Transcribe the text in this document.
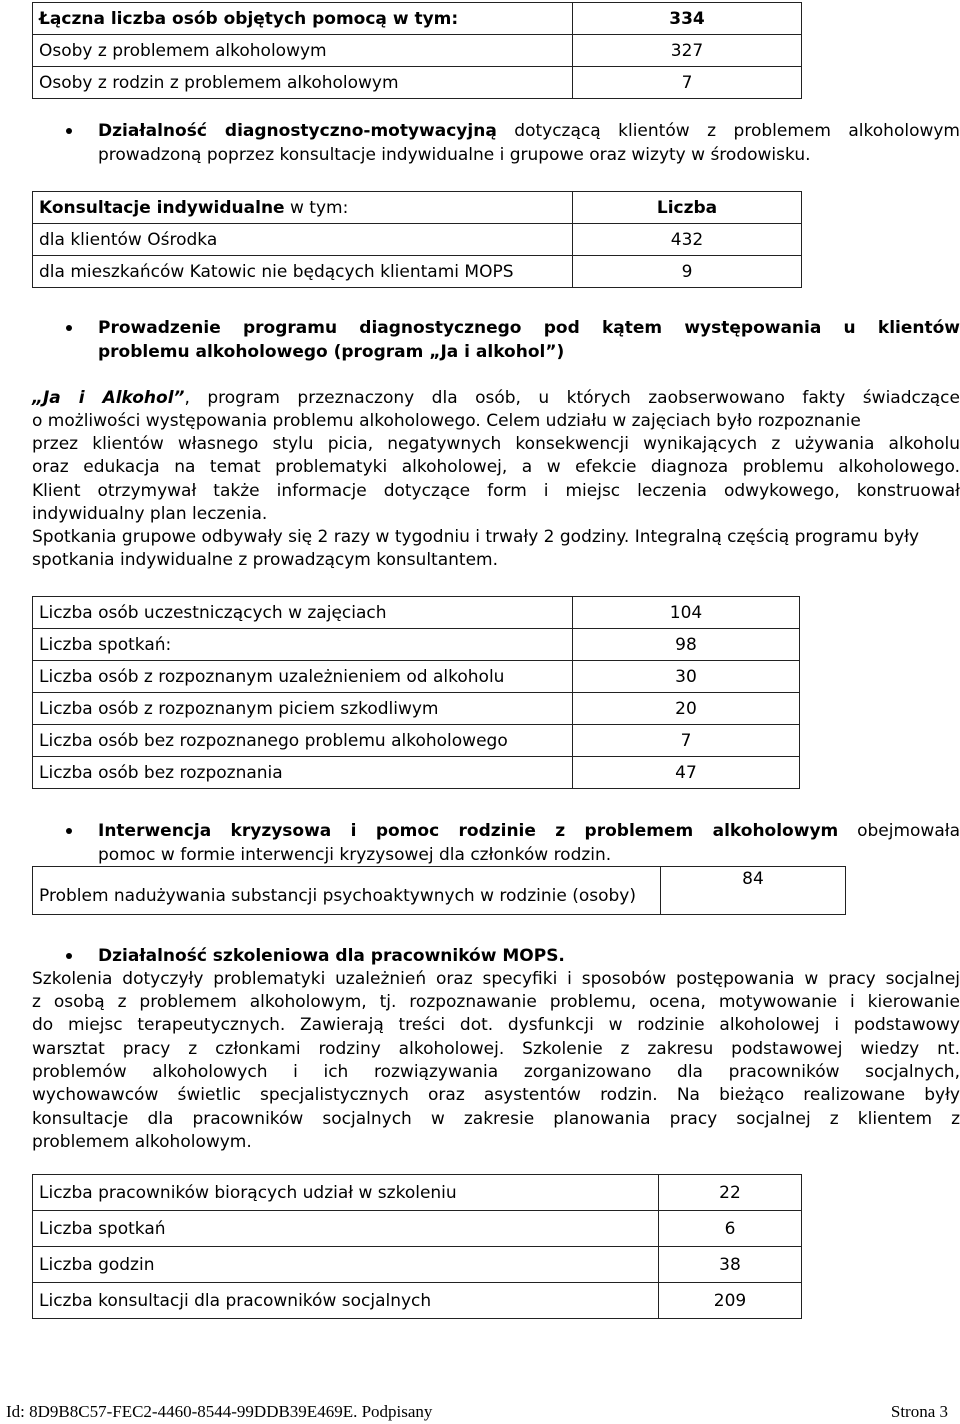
Łączna liczba osób objętych pomocą w tym:	334
Osoby z problemem alkoholowym	327
Osoby z rodzin z problemem alkoholowym	7
Działalność diagnostyczno-motywacyjną dotyczącą klientów z problemem alkoholowym
prowadzoną poprzez konsultacje indywidualne i grupowe oraz wizyty w środowisku.
Konsultacje indywidualne w tym:	Liczba
dla klientów Ośrodka	432
dla mieszkańców Katowic nie będących klientami MOPS	9
Prowadzenie programu diagnostycznego pod kątem występowania u klientów
problemu alkoholowego (program „Ja i alkohol”)
„Ja i Alkohol”, program przeznaczony dla osób, u których zaobserwowano fakty świadczące
o możliwości występowania problemu alkoholowego. Celem udziału w zajęciach było rozpoznanie
przez klientów własnego stylu picia, negatywnych konsekwencji wynikających z używania alkoholu
oraz edukacja na temat problematyki alkoholowej, a w efekcie diagnoza problemu alkoholowego.
Klient otrzymywał także informacje dotyczące form i miejsc leczenia odwykowego, konstruował
indywidualny plan leczenia.
Spotkania grupowe odbywały się 2 razy w tygodniu i trwały 2 godziny. Integralną częścią programu były
spotkania indywidualne z prowadzącym konsultantem.
Liczba osób uczestniczących w zajęciach	104
Liczba spotkań:	98
Liczba osób z rozpoznanym uzależnieniem od alkoholu	30
Liczba osób z rozpoznanym piciem szkodliwym	20
Liczba osób bez rozpoznanego problemu alkoholowego	7
Liczba osób bez rozpoznania	47
Interwencja kryzysowa i pomoc rodzinie z problemem alkoholowym obejmowała
pomoc w formie interwencji kryzysowej dla członków rodzin.
Problem nadużywania substancji psychoaktywnych w rodzinie (osoby)	84
Działalność szkoleniowa dla pracowników MOPS.
Szkolenia dotyczyły problematyki uzależnień oraz specyfiki i sposobów postępowania w pracy socjalnej
z osobą z problemem alkoholowym, tj. rozpoznawanie problemu, ocena, motywowanie i kierowanie
do miejsc terapeutycznych. Zawierają treści dot. dysfunkcji w rodzinie alkoholowej i podstawowy
warsztat pracy z członkami rodziny alkoholowej. Szkolenie z zakresu podstawowej wiedzy nt.
problemów alkoholowych i ich rozwiązywania zorganizowano dla pracowników socjalnych,
wychowawców świetlic specjalistycznych oraz asystentów rodzin. Na bieżąco realizowane były
konsultacje dla pracowników socjalnych w zakresie planowania pracy socjalnej z klientem z
problemem alkoholowym.
Liczba pracowników biorących udział w szkoleniu	22
Liczba spotkań	6
Liczba godzin	38
Liczba konsultacji dla pracowników socjalnych	209
Id: 8D9B8C57-FEC2-4460-8544-99DDB39E469E. Podpisany	Strona 3
